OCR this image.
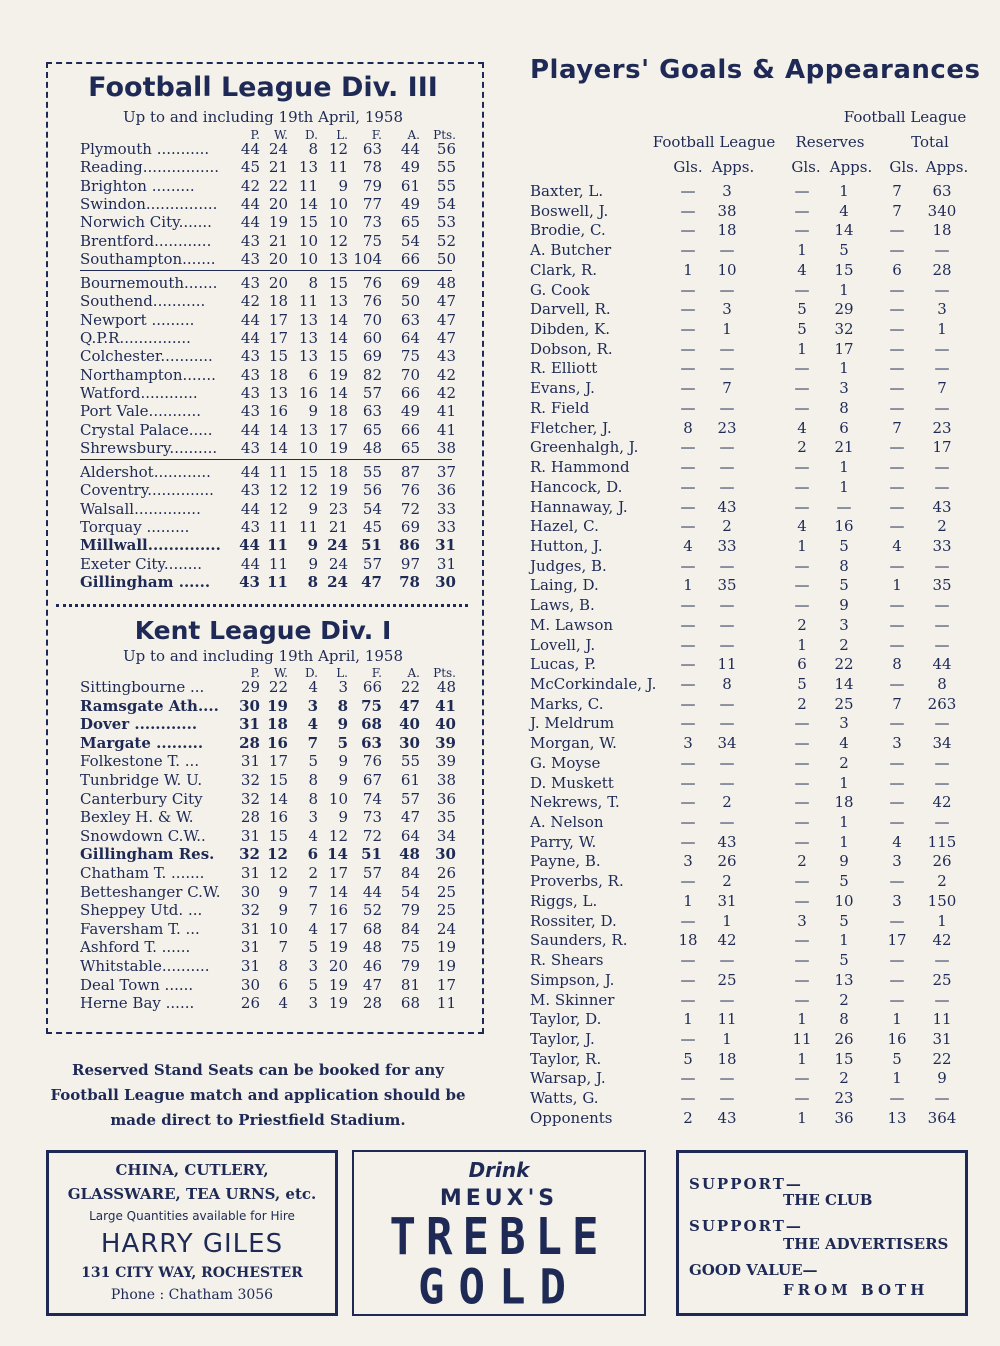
Football League Div. III
Up to and including 19th April, 1958
P.	W.	D.	L.	F.	A.	Pts.
Plymouth ...........	44 24	8 12 63	44	56
Reading................	45 21 13 11 78	49	55
Brighton .........	42 22 11	9 79	61	55
Swindon...............	44 20 14 10 77	49	54
Norwich City.......	44 19 15 10 73	65	53
Brentford............	43 21 10 12 75	54	52
Southampton.......	43 20 10 13 104	66	50
Bournemouth.......	43 20	8 15 76	69	48
Southend...........	42 18 11 13 76	50	47
Newport .........	44 17 13 14 70	63	47
Q.P.R...............	44 17 13 14 60	64	47
Colchester...........	43 15 13 15 69	75	43
Northampton.......	43 18	6 19 82	70	42
Watford............	43 13 16 14 57	66	42
Port Vale...........	43 16	9 18 63	49	41
Crystal Palace.....	44 14 13 17 65	66	41
Shrewsbury..........	43 14 10 19 48	65	38
Aldershot............	44 11 15 18 55	87	37
Coventry..............	43 12 12 19 56	76	36
Walsall..............	44 12	9 23 54	72	33
Torquay .........	43 11 11 21 45	69	33
Millwall..............	44 11	9 24 51	86	31
Exeter City........	44 11	9 24 57	97	31
Gillingham ......	43 11	8 24 47	78	30
Kent League Div. I
Up to and including 19th April, 1958
P.	W.	D.	L.	F.	A.	Pts.
Sittingbourne ...	29 22	4	3 66	22	48
Ramsgate Ath....	30 19	3	8 75	47	41
Dover ............	31 18	4	9 68	40	40
Margate .........	28 16	7	5 63	30	39
Folkestone T. ...	31 17	5	9 76	55	39
Tunbridge W. U.	32 15	8	9 67	61	38
Canterbury City	32 14	8 10 74	57	36
Bexley H. & W.	28 16	3	9 73	47	35
Snowdown C.W..	31 15	4 12 72	64	34
Gillingham Res.	32 12	6 14 51	48	30
Chatham T. .......	31 12	2 17 57	84	26
Betteshanger C.W.	30	9	7 14 44	54	25
Sheppey Utd. ...	32	9	7 16 52	79	25
Faversham T. ...	31 10	4 17 68	84	24
Ashford T. ......	31	7	5 19 48	75	19
Whitstable..........	31	8	3 20 46	79	19
Deal Town ......	30	6	5 19 47	81	17
Herne Bay ......	26	4	3 19 28	68	11
Reserved Stand Seats can be booked for any Football League match and application should be made direct to Priestfield Stadium.
Players' Goals & Appearances
Football League
Football League	Reserves	Total
Gls. Apps. Gls. Apps. Gls. Apps.
Baxter, L.	—	3	—	1	7	63
Boswell, J.	—	38	—	4	7	340
Brodie, C.	—	18	—	14	—	18
A. Butcher	—	—	1	5	—	—
Clark, R.	1	10	4	15	6	28
G. Cook	—	—	—	1	—	—
Darvell, R.	—	3	5	29	—	3
Dibden, K.	—	1	5	32	—	1
Dobson, R.	—	—	1	17	—	—
R. Elliott	—	—	—	1	—	—
Evans, J.	—	7	—	3	—	7
R. Field	—	—	—	8	—	—
Fletcher, J.	8	23	4	6	7	23
Greenhalgh, J.	—	—	2	21	—	17
R. Hammond	—	—	—	1	—	—
Hancock, D.	—	—	—	1	—	—
Hannaway, J.	—	43	—	—	—	43
Hazel, C.	—	2	4	16	—	2
Hutton, J.	4	33	1	5	4	33
Judges, B.	—	—	—	8	—	—
Laing, D.	1	35	—	5	1	35
Laws, B.	—	—	—	9	—	—
M. Lawson	—	—	2	3	—	—
Lovell, J.	—	—	1	2	—	—
Lucas, P.	—	11	6	22	8	44
McCorkindale, J.	—	8	5	14	—	8
Marks, C.	—	—	2	25	7	263
J. Meldrum	—	—	—	3	—	—
Morgan, W.	3	34	—	4	3	34
G. Moyse	—	—	—	2	—	—
D. Muskett	—	—	—	1	—	—
Nekrews, T.	—	2	—	18	—	42
A. Nelson	—	—	—	1	—	—
Parry, W.	—	43	—	1	4	115
Payne, B.	3	26	2	9	3	26
Proverbs, R.	—	2	—	5	—	2
Riggs, L.	1	31	—	10	3	150
Rossiter, D.	—	1	3	5	—	1
Saunders, R.	18	42	—	1	17	42
R. Shears	—	—	—	5	—	—
Simpson, J.	—	25	—	13	—	25
M. Skinner	—	—	—	2	—	—
Taylor, D.	1	11	1	8	1	11
Taylor, J.	—	1	11	26	16	31
Taylor, R.	5	18	1	15	5	22
Warsap, J.	—	—	—	2	1	9
Watts, G.	—	—	—	23	—	—
Opponents	2	43	1	36	13	364
CHINA, CUTLERY,
GLASSWARE, TEA URNS, etc.
Large Quantities available for Hire
HARRY GILES
131 CITY WAY, ROCHESTER
Phone : Chatham 3056
Drink
MEUX'S
TREBLE
GOLD
SUPPORT—
THE CLUB
SUPPORT—
THE ADVERTISERS
GOOD VALUE—
FROM BOTH
